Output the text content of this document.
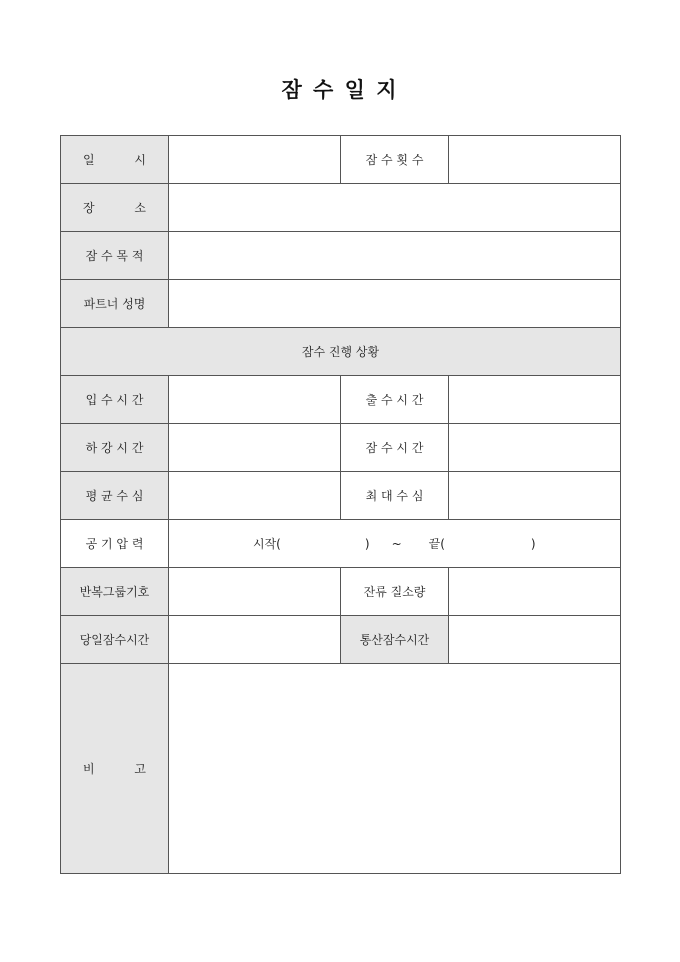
잠 수 일 지
일 시		잠 수 횟 수	

장 소			

잠 수 목 적			
파트너 성명			
잠수 진행 상황			
입 수 시 간		출 수 시 간	
하 강 시 간		잠 수 시 간	
평 균 수 심		최 대 수 심	
공 기 압 력	시작( ) ~ 끝( )		

반복그룹기호		잔류 질소량	
당일잠수시간		통산잠수시간	

비 고			
